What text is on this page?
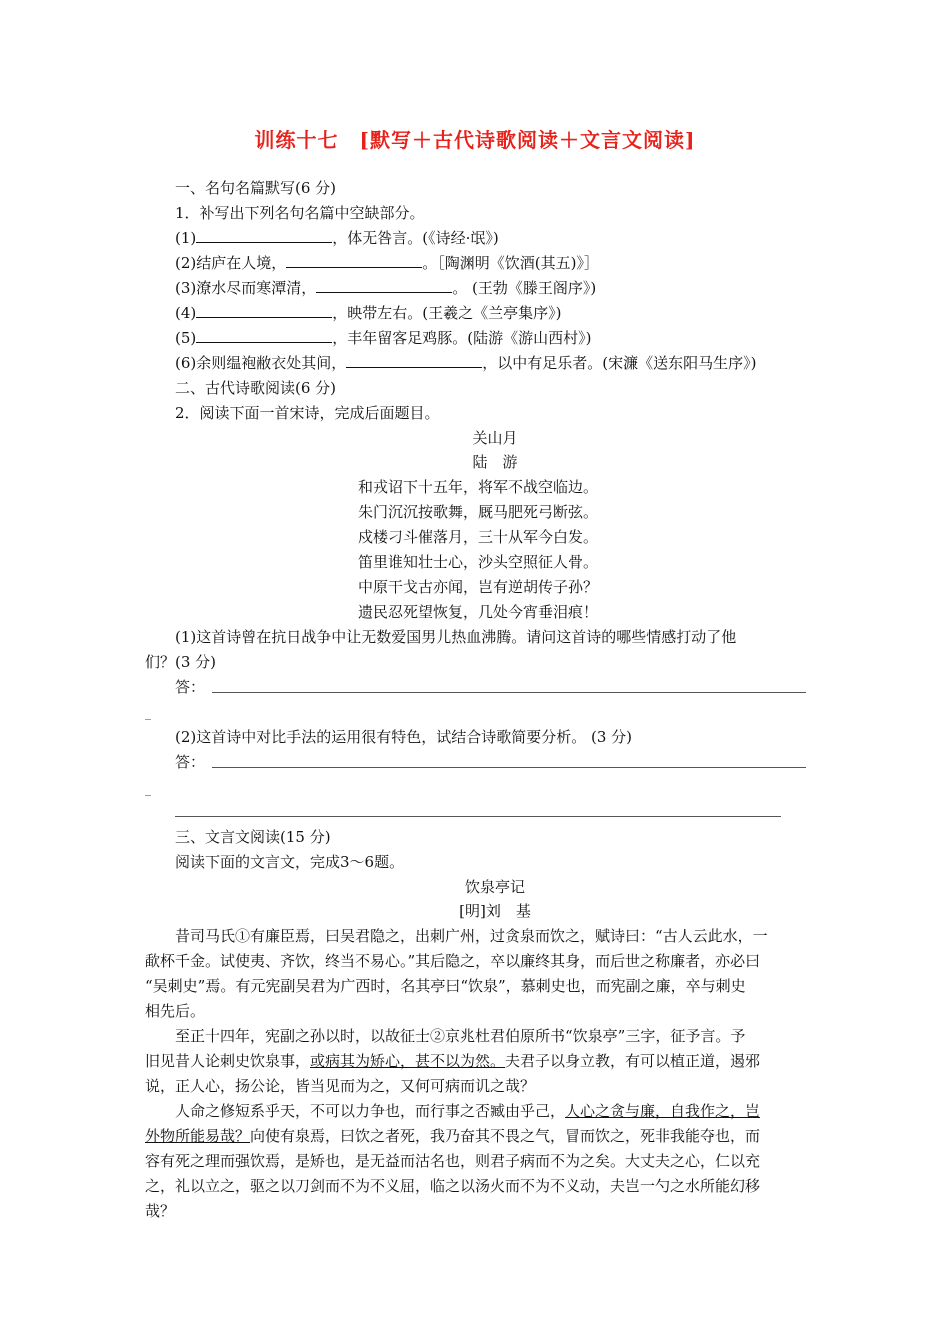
训练十七　[默写＋古代诗歌阅读＋文言文阅读]
一、名句名篇默写(6 分)
1．补写出下列名句名篇中空缺部分。
(1)	，体无咎言。(《诗经·氓》)
(2)结庐在人境，	。［陶渊明《饮酒(其五)》］
(3)潦水尽而寒潭清，	。 (王勃《滕王阁序》)
(4)	，映带左右。(王羲之《兰亭集序》)
(5)	，丰年留客足鸡豚。(陆游《游山西村》)
(6)余则缊袍敝衣处其间，	，以中有足乐者。(宋濂《送东阳马生序》)
二、古代诗歌阅读(6 分)
2．阅读下面一首宋诗，完成后面题目。
关山月
陆　游
和戎诏下十五年，将军不战空临边。
朱门沉沉按歌舞，厩马肥死弓断弦。
戍楼刁斗催落月，三十从军今白发。
笛里谁知壮士心，沙头空照征人骨。
中原干戈古亦闻，岂有逆胡传子孙？
遗民忍死望恢复，几处今宵垂泪痕！
(1)这首诗曾在抗日战争中让无数爱国男儿热血沸腾。请问这首诗的哪些情感打动了他
们？(3 分)
答：
_
(2)这首诗中对比手法的运用很有特色，试结合诗歌简要分析。 (3 分)
答：
_
三、文言文阅读(15 分)
阅读下面的文言文，完成3～6题。
饮泉亭记
[明]刘　基
昔司马氏①有廉臣焉，曰吴君隐之，出刺广州，过贪泉而饮之，赋诗曰：“古人云此水，一
歃杯千金。试使夷、齐饮，终当不易心。”其后隐之，卒以廉终其身，而后世之称廉者，亦必曰
“吴刺史”焉。有元宪副吴君为广西时，名其亭曰“饮泉”，慕刺史也，而宪副之廉，卒与刺史
相先后。
至正十四年，宪副之孙以时，以故征士②京兆杜君伯原所书“饮泉亭”三字，征予言。予
旧见昔人论刺史饮泉事，或病其为矫心，甚不以为然。夫君子以身立教，有可以植正道，遏邪
说，正人心，扬公论，皆当见而为之，又何可病而讥之哉？
人命之修短系乎天，不可以力争也，而行事之否臧由乎己，人心之贪与廉，自我作之，岂
外物所能易哉？向使有泉焉，曰饮之者死，我乃奋其不畏之气，冒而饮之，死非我能夺也，而
容有死之理而强饮焉，是矫也，是无益而沽名也，则君子病而不为之矣。大丈夫之心，仁以充
之，礼以立之，驱之以刀剑而不为不义屈，临之以汤火而不为不义动，夫岂一勺之水所能幻移
哉？
